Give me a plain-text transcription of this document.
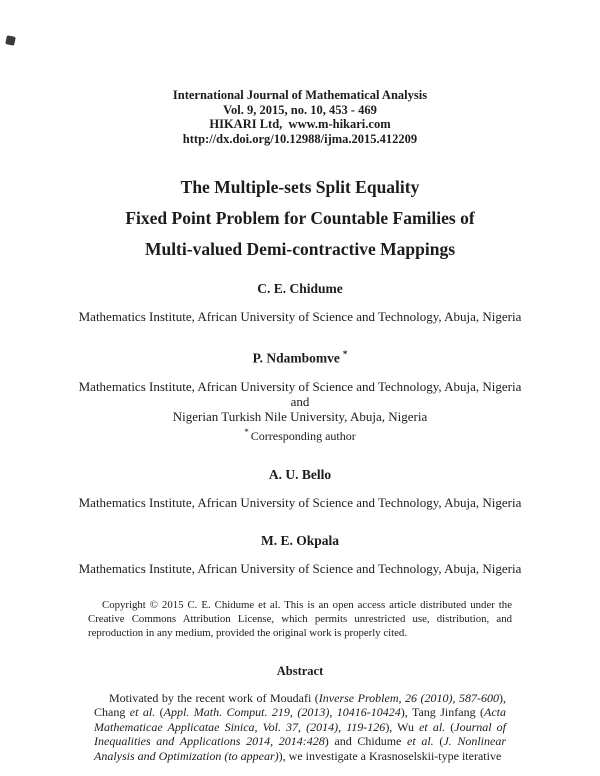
International Journal of Mathematical Analysis
Vol. 9, 2015, no. 10, 453 - 469
HIKARI Ltd,  www.m-hikari.com
http://dx.doi.org/10.12988/ijma.2015.412209
The Multiple-sets Split Equality
Fixed Point Problem for Countable Families of
Multi-valued Demi-contractive Mappings
C. E. Chidume
Mathematics Institute, African University of Science and Technology, Abuja, Nigeria
P. Ndambomve *
Mathematics Institute, African University of Science and Technology, Abuja, Nigeria
and
Nigerian Turkish Nile University, Abuja, Nigeria
* Corresponding author
A. U. Bello
Mathematics Institute, African University of Science and Technology, Abuja, Nigeria
M. E. Okpala
Mathematics Institute, African University of Science and Technology, Abuja, Nigeria

Copyright © 2015 C. E. Chidume et al. This is an open access article distributed under the Creative Commons Attribution License, which permits unrestricted use, distribution, and reproduction in any medium, provided the original work is properly cited.

Abstract

Motivated by the recent work of Moudafi (Inverse Problem, 26 (2010), 587-600), Chang et al. (Appl. Math. Comput. 219, (2013), 10416-10424), Tang Jinfang (Acta Mathematicae Applicatae Sinica, Vol. 37, (2014), 119-126), Wu et al. (Journal of Inequalities and Applications 2014, 2014:428) and Chidume et al. (J. Nonlinear Analysis and Optimization (to appear)), we investigate a Krasnoselskii-type iterative
